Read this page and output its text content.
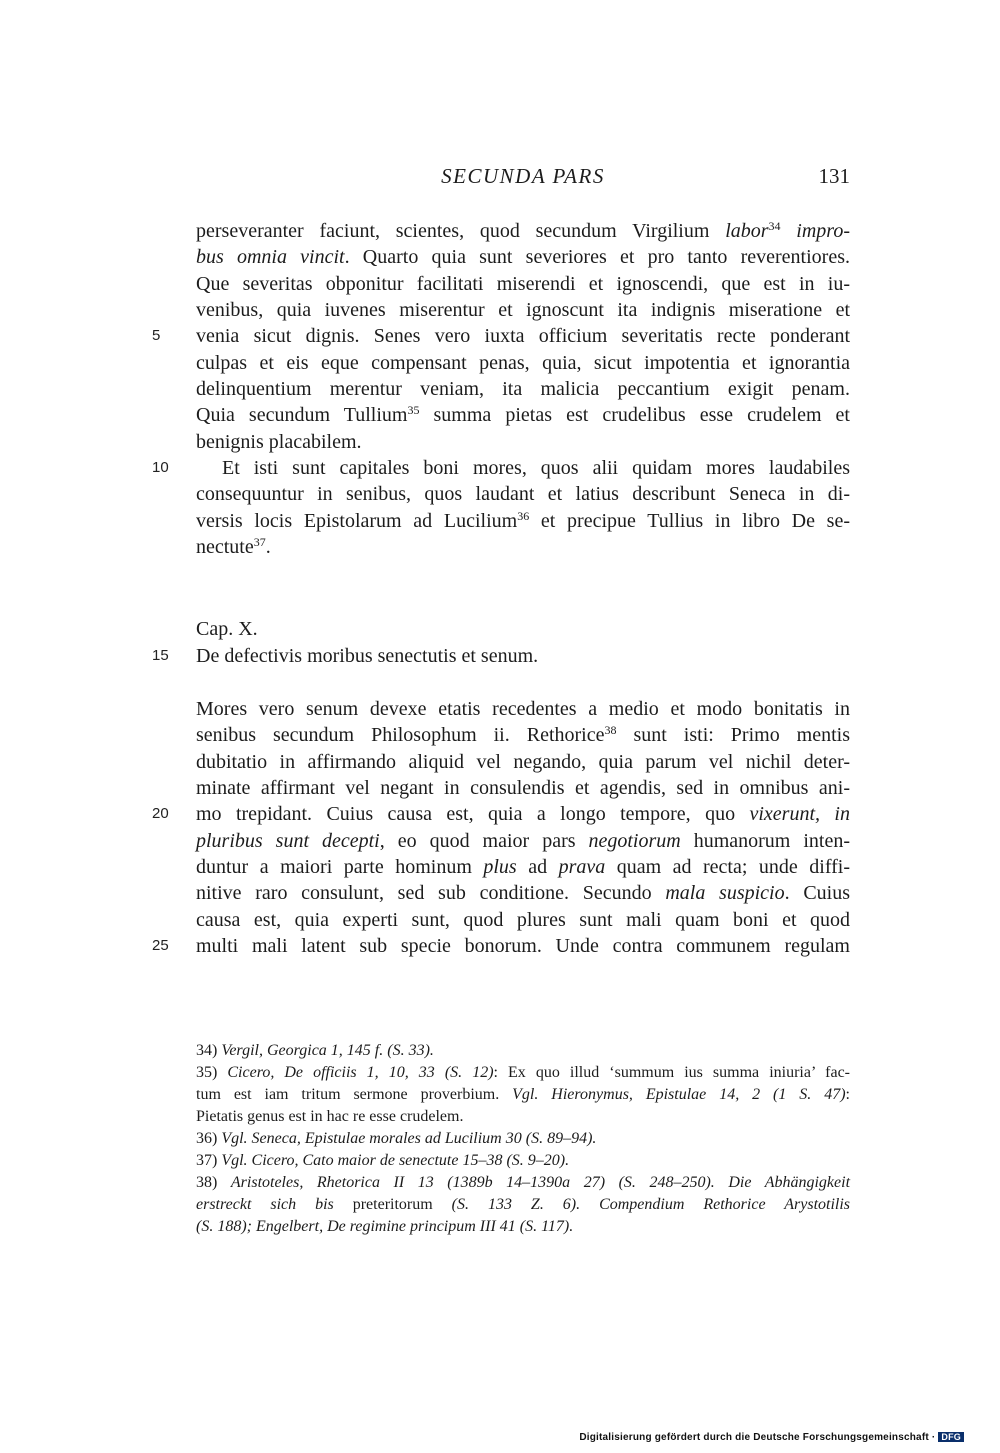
SECUNDA PARS	131
perseveranter faciunt, scientes, quod secundum Virgilium labor$^{34}$ impro-
bus omnia vincit. Quarto quia sunt severiores et pro tanto reverentiores.
Que severitas obponitur facilitati miserendi et ignoscendi, que est in iu-
venibus, quia iuvenes miserentur et ignoscunt ita indignis miseratione et
venia sicut dignis. Senes vero iuxta officium severitatis recte ponderant
culpas et eis eque compensant penas, quia, sicut impotentia et ignorantia
delinquentium merentur veniam, ita malicia peccantium exigit penam.
Quia secundum Tullium$^{35}$ summa pietas est crudelibus esse crudelem et
benignis placabilem.
Et isti sunt capitales boni mores, quos alii quidam mores laudabiles
consequuntur in senibus, quos laudant et latius describunt Seneca in di-
versis locis Epistolarum ad Lucilium$^{36}$ et precipue Tullius in libro De se-
nectute$^{37}$.
Cap. X.
De defectivis moribus senectutis et senum.
Mores vero senum devexe etatis recedentes a medio et modo bonitatis in
senibus secundum Philosophum ii. Rethorice$^{38}$ sunt isti: Primo mentis
dubitatio in affirmando aliquid vel negando, quia parum vel nichil deter-
minate affirmant vel negant in consulendis et agendis, sed in omnibus ani-
mo trepidant. Cuius causa est, quia a longo tempore, quo vixerunt, in
pluribus sunt decepti, eo quod maior pars negotiorum humanorum inten-
duntur a maiori parte hominum plus ad prava quam ad recta; unde diffi-
nitive raro consulunt, sed sub conditione. Secundo mala suspicio. Cuius
causa est, quia experti sunt, quod plures sunt mali quam boni et quod
multi mali latent sub specie bonorum. Unde contra communem regulam
5
10
15
20
25
34) Vergil, Georgica 1, 145 f. (S. 33).
35) Cicero, De officiis 1, 10, 33 (S. 12): Ex quo illud ‘summum ius summa iniuria’ fac-
tum est iam tritum sermone proverbium. Vgl. Hieronymus, Epistulae 14, 2 (1 S. 47):
Pietatis genus est in hac re esse crudelem.
36) Vgl. Seneca, Epistulae morales ad Lucilium 30 (S. 89–94).
37) Vgl. Cicero, Cato maior de senectute 15–38 (S. 9–20).
38) Aristoteles, Rhetorica II 13 (1389b 14–1390a 27) (S. 248–250). Die Abhängigkeit
erstreckt sich bis preteritorum (S. 133 Z. 6). Compendium Rethorice Arystotilis
(S. 188); Engelbert, De regimine principum III 41 (S. 117).
Digitalisierung gefördert durch die Deutsche Forschungsgemeinschaft · DFG
